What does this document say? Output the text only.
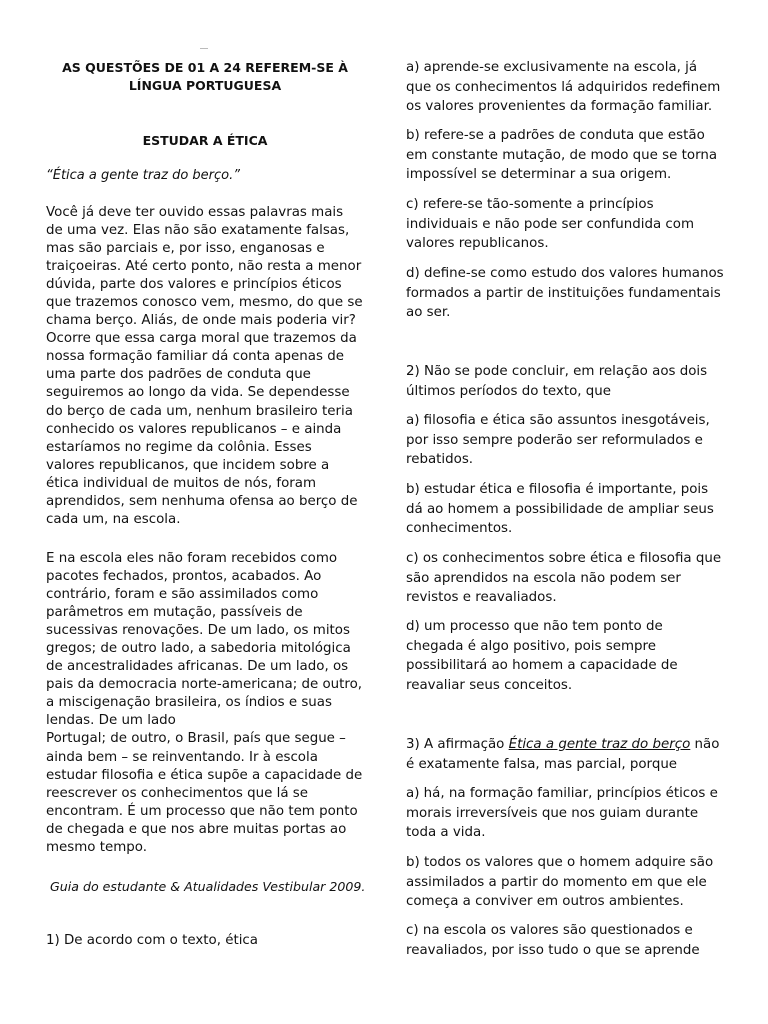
AS QUESTÕES DE 01 A 24 REFEREM-SE À
LÍNGUA PORTUGUESA
ESTUDAR A ÉTICA
“Ética a gente traz do berço.”

Você já deve ter ouvido essas palavras mais de uma vez. Elas não são exatamente falsas, mas são parciais e, por isso, enganosas e traiçoeiras. Até certo ponto, não resta a menor dúvida, parte dos valores e princípios éticos que trazemos conosco vem, mesmo, do que se chama berço. Aliás, de onde mais poderia vir? Ocorre que essa carga moral que trazemos da nossa formação familiar dá conta apenas de uma parte dos padrões de conduta que seguiremos ao longo da vida. Se dependesse do berço de cada um, nenhum brasileiro teria conhecido os valores republicanos – e ainda estaríamos no regime da colônia. Esses valores republicanos, que incidem sobre a ética individual de muitos de nós, foram aprendidos, sem nenhuma ofensa ao berço de cada um, na escola.

E na escola eles não foram recebidos como pacotes fechados, prontos, acabados. Ao contrário, foram e são assimilados como parâmetros em mutação, passíveis de sucessivas renovações. De um lado, os mitos gregos; de outro lado, a sabedoria mitológica de ancestralidades africanas. De um lado, os pais da democracia norte-americana; de outro, a miscigenação brasileira, os índios e suas lendas. De um lado
Portugal; de outro, o Brasil, país que segue – ainda bem – se reinventando. Ir à escola estudar filosofia e ética supõe a capacidade de reescrever os conhecimentos que lá se encontram. É um processo que não tem ponto de chegada e que nos abre muitas portas ao mesmo tempo.

Guia do estudante & Atualidades Vestibular 2009.
1) De acordo com o texto, ética

a) aprende-se exclusivamente na escola, já que os conhecimentos lá adquiridos redefinem os valores provenientes da formação familiar.

b) refere-se a padrões de conduta que estão em constante mutação, de modo que se torna impossível se determinar a sua origem.

c) refere-se tão-somente a princípios individuais e não pode ser confundida com valores republicanos.

d) define-se como estudo dos valores humanos formados a partir de instituições fundamentais ao ser.

2) Não se pode concluir, em relação aos dois últimos períodos do texto, que

a) filosofia e ética são assuntos inesgotáveis, por isso sempre poderão ser reformulados e rebatidos.

b) estudar ética e filosofia é importante, pois dá ao homem a possibilidade de ampliar seus conhecimentos.

c) os conhecimentos sobre ética e filosofia que são aprendidos na escola não podem ser revistos e reavaliados.

d) um processo que não tem ponto de chegada é algo positivo, pois sempre possibilitará ao homem a capacidade de reavaliar seus conceitos.

3) A afirmação Ética a gente traz do berço não é exatamente falsa, mas parcial, porque

a) há, na formação familiar, princípios éticos e morais irreversíveis que nos guiam durante toda a vida.

b) todos os valores que o homem adquire são assimilados a partir do momento em que ele começa a conviver em outros ambientes.

c) na escola os valores são questionados e reavaliados, por isso tudo o que se aprende
